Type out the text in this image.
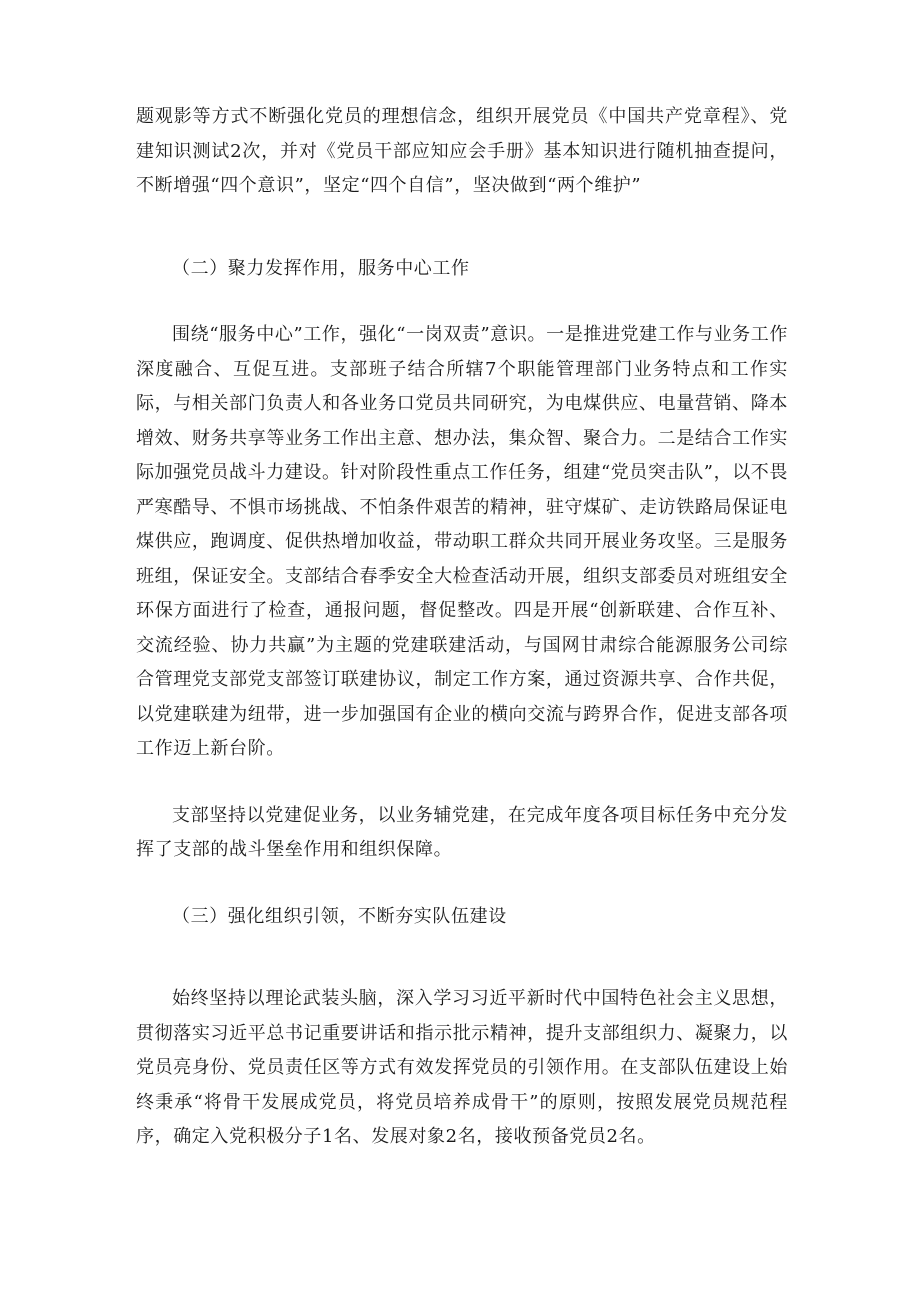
题观影等方式不断强化党员的理想信念，组织开展党员《中国共产党章程》、党建知识测试2次，并对《党员干部应知应会手册》基本知识进行随机抽查提问，不断增强“四个意识”，坚定“四个自信”，坚决做到“两个维护”

（二）聚力发挥作用，服务中心工作

围绕“服务中心”工作，强化“一岗双责”意识。一是推进党建工作与业务工作深度融合、互促互进。支部班子结合所辖7个职能管理部门业务特点和工作实际，与相关部门负责人和各业务口党员共同研究，为电煤供应、电量营销、降本增效、财务共享等业务工作出主意、想办法，集众智、聚合力。二是结合工作实际加强党员战斗力建设。针对阶段性重点工作任务，组建“党员突击队”，以不畏严寒酷导、不惧市场挑战、不怕条件艰苦的精神，驻守煤矿、走访铁路局保证电煤供应，跑调度、促供热增加收益，带动职工群众共同开展业务攻坚。三是服务班组，保证安全。支部结合春季安全大检查活动开展，组织支部委员对班组安全环保方面进行了检查，通报问题，督促整改。四是开展“创新联建、合作互补、交流经验、协力共赢”为主题的党建联建活动，与国网甘肃综合能源服务公司综合管理党支部党支部签订联建协议，制定工作方案，通过资源共享、合作共促，以党建联建为纽带，进一步加强国有企业的横向交流与跨界合作，促进支部各项工作迈上新台阶。

支部坚持以党建促业务，以业务辅党建，在完成年度各项目标任务中充分发挥了支部的战斗堡垒作用和组织保障。

（三）强化组织引领，不断夯实队伍建设

始终坚持以理论武装头脑，深入学习习近平新时代中国特色社会主义思想，贯彻落实习近平总书记重要讲话和指示批示精神，提升支部组织力、凝聚力，以党员亮身份、党员责任区等方式有效发挥党员的引领作用。在支部队伍建设上始终秉承“将骨干发展成党员，将党员培养成骨干”的原则，按照发展党员规范程序，确定入党积极分子1名、发展对象2名，接收预备党员2名。
